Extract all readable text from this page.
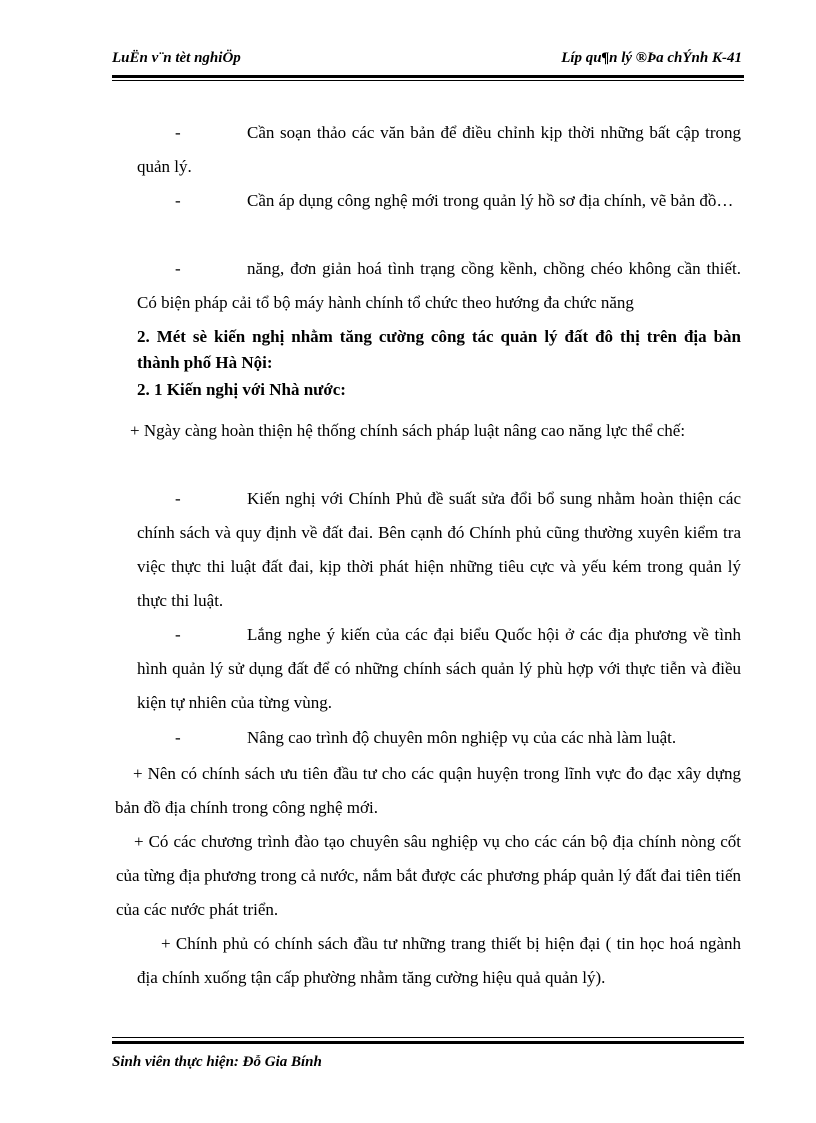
LuËn v¨n tèt nghiÖp	Líp qu¶n lý ®Þa chÝnh K-41

-	Cần soạn thảo các văn bản để điều chỉnh kịp thời những bất cập trong quản lý.

-	Cần áp dụng công nghệ mới trong quản lý hồ sơ địa chính, vẽ bản đồ…

-	năng, đơn giản hoá tình trạng cồng kềnh, chồng chéo không cần thiết. Có biện pháp cải tổ bộ máy hành chính tổ chức theo hướng đa chức năng

2. Mét sè kiến nghị nhằm tăng cường công tác quản lý đất đô thị trên địa bàn thành phố Hà Nội:

2. 1 Kiến nghị với Nhà nước:

+ Ngày càng hoàn thiện hệ thống chính sách pháp luật nâng cao năng lực thể chế:

-	Kiến nghị với Chính Phủ đề suất sửa đổi bổ sung nhằm hoàn thiện các chính sách và quy định về đất đai. Bên cạnh đó Chính phủ cũng thường xuyên kiểm tra việc thực thi luật đất đai, kịp thời phát hiện những tiêu cực và yếu kém trong quản lý thực thi luật.

-	Lắng nghe ý kiến của các đại biểu Quốc hội ở các địa phương về tình hình quản lý sử dụng đất để có những chính sách quản lý phù hợp với thực tiễn và điều kiện tự nhiên của từng vùng.

-	Nâng cao trình độ chuyên môn nghiệp vụ của các nhà làm luật.

+ Nên có chính sách ưu tiên đầu tư cho các quận huyện trong lĩnh vực đo đạc xây dựng bản đồ địa chính trong công nghệ mới.

+ Có các chương trình đào tạo chuyên sâu nghiệp vụ cho các cán bộ địa chính nòng cốt của từng địa phương trong cả nước, nắm bắt được các phương pháp quản lý đất đai tiên tiến của các nước phát triển.

+ Chính phủ có chính sách đầu tư những trang thiết bị hiện đại ( tin học hoá ngành địa chính xuống tận cấp phường nhằm tăng cường hiệu quả quản lý).

Sinh viên thực hiện: Đỗ Gia Bính
